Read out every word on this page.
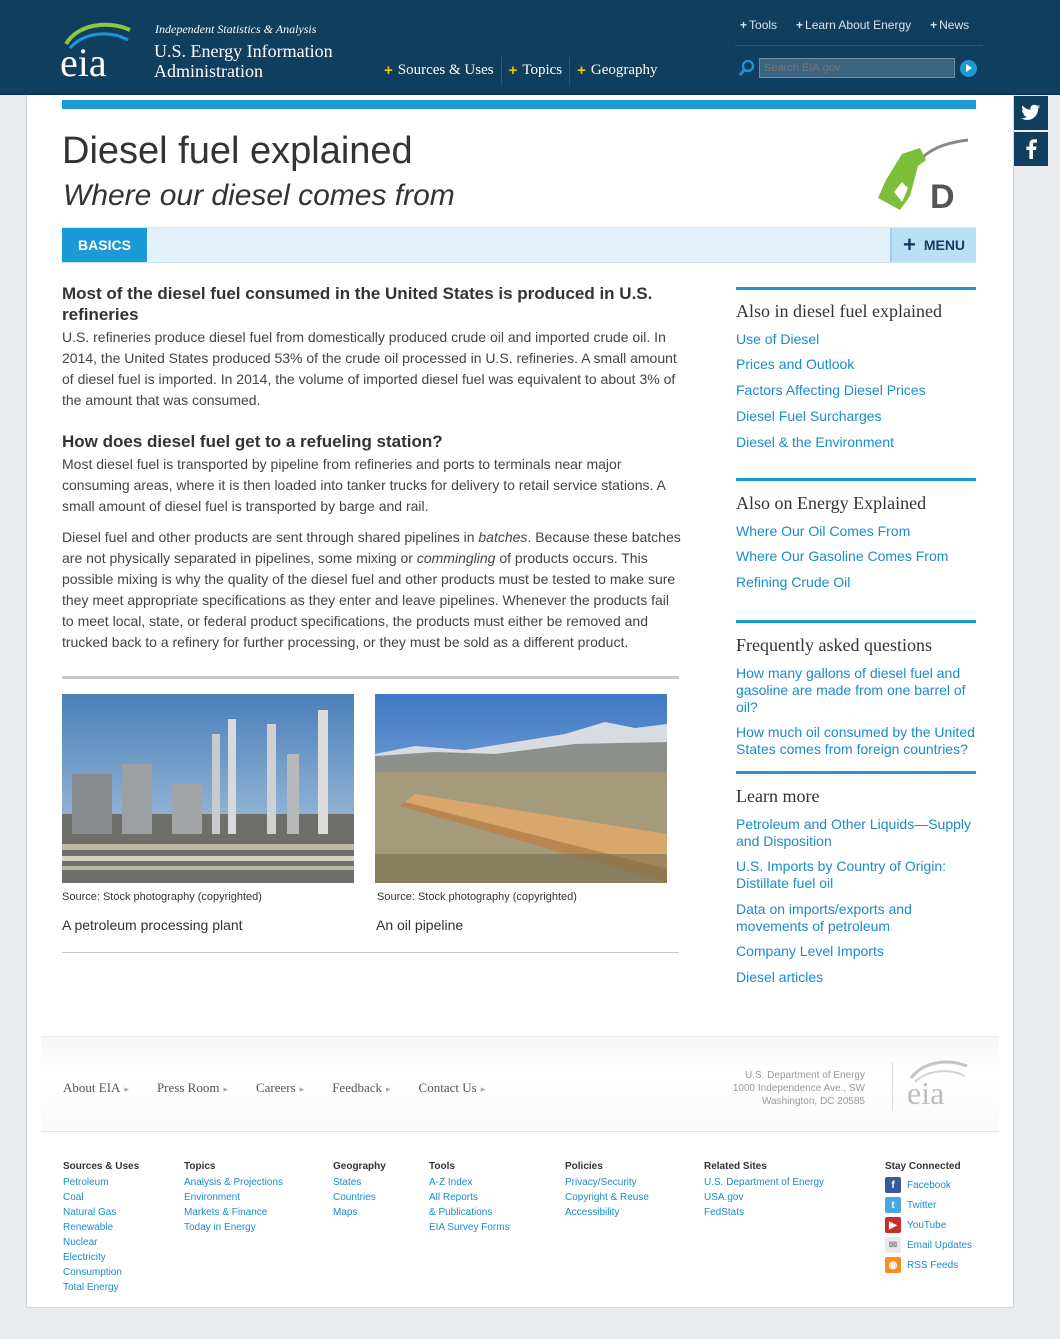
eia
Independent Statistics & Analysis
U.S. Energy Information Administration	+ Sources & Uses + Topics + Geography
+ Tools + Learn About Energy + News
Search EIA.gov
Diesel fuel explained
Where our diesel comes from	D
BASICS	+ MENU
Most of the diesel fuel consumed in the United States is produced in U.S. refineries

U.S. refineries produce diesel fuel from domestically produced crude oil and imported crude oil. In 2014, the United States produced 53% of the crude oil processed in U.S. refineries. A small amount of diesel fuel is imported. In 2014, the volume of imported diesel fuel was equivalent to about 3% of the amount that was consumed.

How does diesel fuel get to a refueling station?

Most diesel fuel is transported by pipeline from refineries and ports to terminals near major consuming areas, where it is then loaded into tanker trucks for delivery to retail service stations. A small amount of diesel fuel is transported by barge and rail.

Diesel fuel and other products are sent through shared pipelines in batches. Because these batches are not physically separated in pipelines, some mixing or commingling of products occurs. This possible mixing is why the quality of the diesel fuel and other products must be tested to make sure they meet appropriate specifications as they enter and leave pipelines. Whenever the products fail to meet local, state, or federal product specifications, the products must either be removed and trucked back to a refinery for further processing, or they must be sold as a different product.

Source: Stock photography (copyrighted)	Source: Stock photography (copyrighted)
A petroleum processing plant	An oil pipeline
Also in diesel fuel explained
Use of Diesel
Prices and Outlook
Factors Affecting Diesel Prices
Diesel Fuel Surcharges
Diesel & the Environment
Also on Energy Explained
Where Our Oil Comes From
Where Our Gasoline Comes From
Refining Crude Oil
Frequently asked questions
How many gallons of diesel fuel and gasoline are made from one barrel of oil?
How much oil consumed by the United States comes from foreign countries?
Learn more
Petroleum and Other Liquids—Supply and Disposition
U.S. Imports by Country of Origin: Distillate fuel oil
Data on imports/exports and movements of petroleum
Company Level Imports
Diesel articles
About EIA ▸ Press Room ▸ Careers ▸ Feedback ▸ Contact Us ▸
U.S. Department of Energy
1000 Independence Ave., SW
Washington, DC 20585 eia
Sources & Uses
Petroleum
Coal
Natural Gas
Renewable
Nuclear
Electricity
Consumption
Total Energy
Topics
Analysis & Projections
Environment
Markets & Finance
Today in Energy
Geography
States
Countries
Maps
Tools
A-Z Index
All Reports
& Publications
EIA Survey Forms
Policies
Privacy/Security
Copyright & Reuse
Accessibility
Related Sites
U.S. Department of Energy
USA.gov
FedStats
Stay Connected
f	Facebook
t	Twitter
▶	YouTube
✉ Email Updates
◉ RSS Feeds
